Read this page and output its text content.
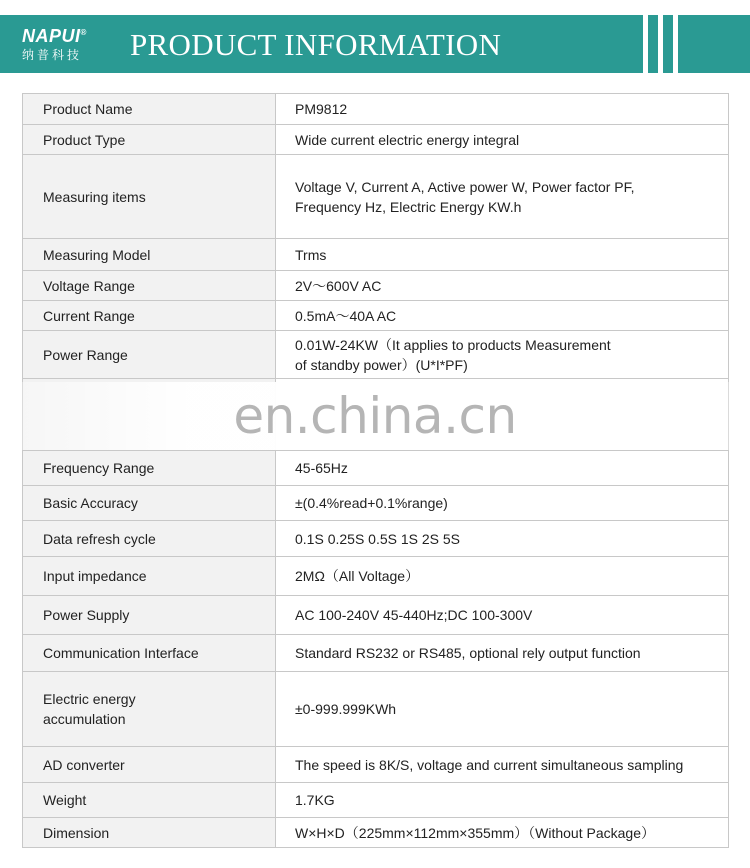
NAPUI®
纳普科技 PRODUCT INFORMATION
Product Name	PM9812
Product Type	Wide current electric energy integral
Measuring items	Voltage V, Current A, Active power W, Power factor PF,
Frequency Hz, Electric Energy KW.h
Measuring Model	Trms
Voltage Range	2V～600V AC
Current Range	0.5mA～40A AC
Power Range	0.01W-24KW（It applies to products Measurement
of standby power）(U*I*PF)

Frequency Range	45-65Hz
Basic Accuracy	±(0.4%read+0.1%range)
Data refresh cycle	0.1S 0.25S 0.5S 1S 2S 5S
Input impedance	2MΩ（All Voltage）
Power Supply	AC 100-240V 45-440Hz;DC 100-300V
Communication Interface	Standard RS232 or RS485, optional rely output function
Electric energy
accumulation	±0-999.999KWh
AD converter	The speed is 8K/S, voltage and current simultaneous sampling
Weight	1.7KG
Dimension	W×H×D（225mm×112mm×355mm）（Without Package）
en.china.cn
